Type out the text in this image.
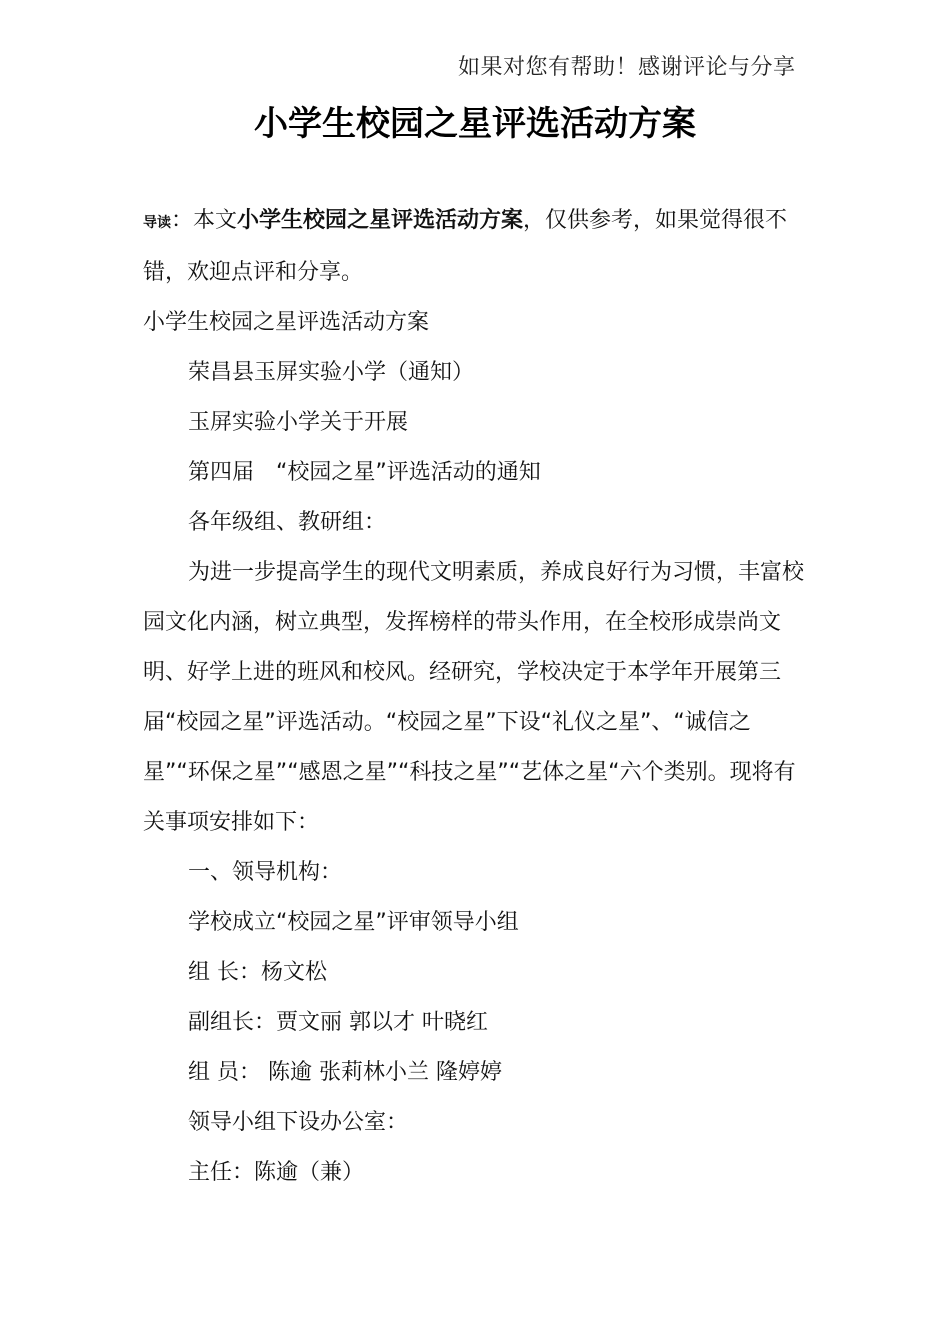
如果对您有帮助！感谢评论与分享
小学生校园之星评选活动方案

导读：本文小学生校园之星评选活动方案，仅供参考，如果觉得很不错，欢迎点评和分享。

小学生校园之星评选活动方案

荣昌县玉屏实验小学（通知）

玉屏实验小学关于开展

第四届　“校园之星”评选活动的通知

各年级组、教研组：

为进一步提高学生的现代文明素质，养成良好行为习惯，丰富校园文化内涵，树立典型，发挥榜样的带头作用，在全校形成崇尚文明、好学上进的班风和校风。经研究，学校决定于本学年开展第三届“校园之星”评选活动。“校园之星”下设“礼仪之星”、“诚信之星”“环保之星”“感恩之星”“科技之星”“艺体之星“六个类别。现将有关事项安排如下：

一、领导机构：

学校成立“校园之星”评审领导小组

组 长：杨文松

副组长：贾文丽 郭以才 叶晓红

组 员： 陈逾 张莉林小兰 隆婷婷

领导小组下设办公室：

主任：陈逾（兼）
